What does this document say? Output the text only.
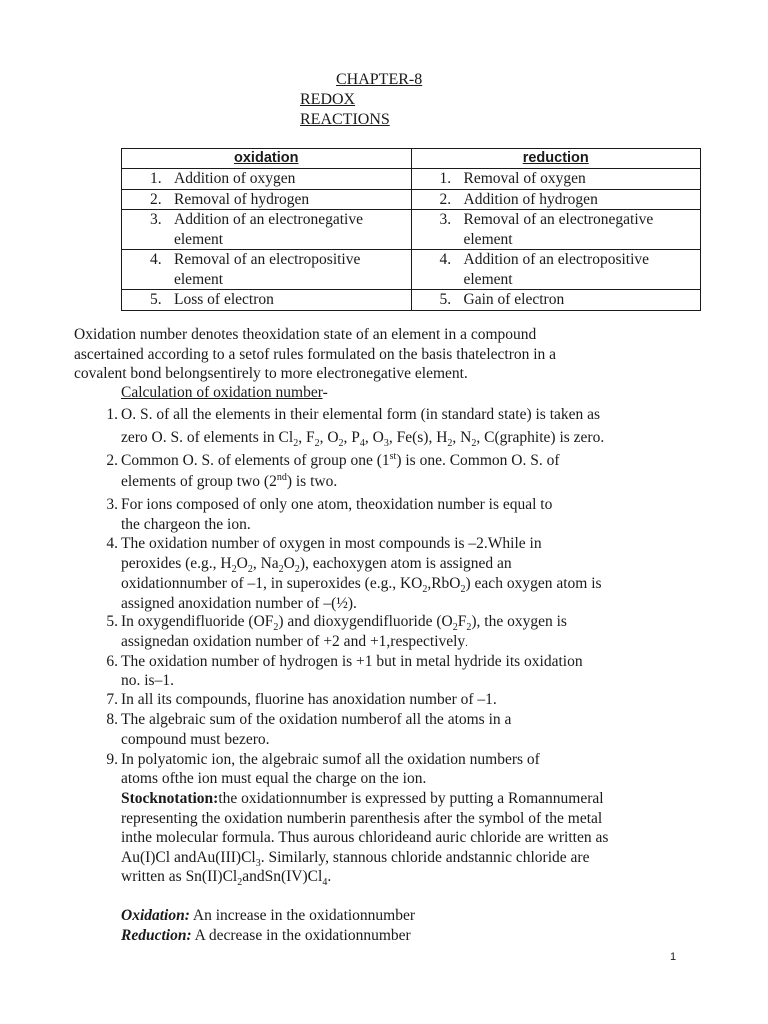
CHAPTER-8
REDOX
REACTIONS
oxidation	reduction

1. Addition of oxygen	1. Removal of oxygen

2. Removal of hydrogen	2. Addition of hydrogen

3. Addition of an electronegative element	3. Removal of an electronegative element

4. Removal of an electropositive element	4. Addition of an electropositive element

5. Loss of electron	5. Gain of electron
Oxidation number denotes theoxidation state of an element in a compound
ascertained according to a setof rules formulated on the basis thatelectron in a
covalent bond belongsentirely to more electronegative element.
Calculation of oxidation number-
1. O. S. of all the elements in their elemental form (in standard state) is taken as
zero O. S. of elements in $Cl_2$, $F_2$, $O_2$, $P_4$, $O_3$, Fe(s), $H_2$, $N_2$, C(graphite) is zero.
2. Common O. S. of elements of group one (1st) is one. Common O. S. of
elements of group two (2nd) is two.
3. For ions composed of only one atom, theoxidation number is equal to
the chargeon the ion.
4. The oxidation number of oxygen in most compounds is –2.While in
peroxides (e.g., $H_2O_2$, $Na_2O_2$), eachoxygen atom is assigned an
oxidationnumber of –1, in superoxides (e.g., $KO_2,RbO_2$) each oxygen atom is
assigned anoxidation number of –(½).
5. In oxygendifluoride $(OF_2)$ and dioxygendifluoride $(O_2F_2)$, the oxygen is
assignedan oxidation number of +2 and +1,respectively.
6. The oxidation number of hydrogen is +1 but in metal hydride its oxidation
no. is–1.
7. In all its compounds, fluorine has anoxidation number of –1.
8. The algebraic sum of the oxidation numberof all the atoms in a
compound must bezero.
9. In polyatomic ion, the algebraic sumof all the oxidation numbers of
atoms ofthe ion must equal the charge on the ion.
Stocknotation:the oxidationnumber is expressed by putting a Romannumeral
representing the oxidation numberin parenthesis after the symbol of the metal
inthe molecular formula. Thus aurous chlorideand auric chloride are written as
Au(I)Cl $andAu(III)Cl_3$. Similarly, stannous chloride andstannic chloride are
written as $Sn(II)Cl_2andSn(IV)Cl_4$.
Oxidation: An increase in the oxidationnumber
Reduction: A decrease in the oxidationnumber
1
